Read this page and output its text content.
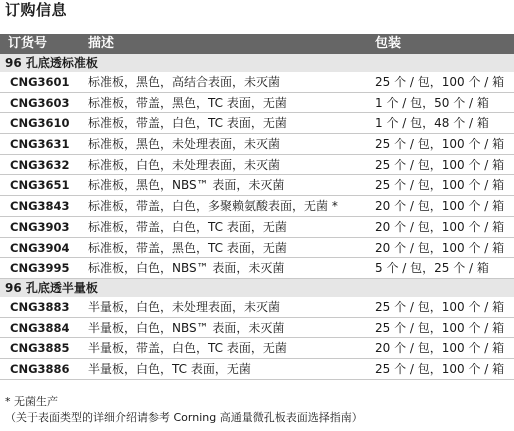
订购信息
订货号	描述	包装
96 孔底透标准板
CNG3601 标准板，黑色，高结合表面，未灭菌	25 个 / 包，100 个 / 箱
CNG3603 标准板，带盖，黑色，TC 表面，无菌	1 个 / 包，50 个 / 箱
CNG3610 标准板，带盖，白色，TC 表面，无菌	1 个 / 包，48 个 / 箱
CNG3631 标准板，黑色，未处理表面，未灭菌	25 个 / 包，100 个 / 箱
CNG3632 标准板，白色，未处理表面，未灭菌	25 个 / 包，100 个 / 箱
CNG3651 标准板，黑色，NBS™ 表面，未灭菌	25 个 / 包，100 个 / 箱
CNG3843 标准板，带盖，白色，多聚赖氨酸表面，无菌 *	20 个 / 包，100 个 / 箱
CNG3903 标准板，带盖，白色，TC 表面，无菌	20 个 / 包，100 个 / 箱
CNG3904 标准板，带盖，黑色，TC 表面，无菌	20 个 / 包，100 个 / 箱
CNG3995 标准板，白色，NBS™ 表面，未灭菌	5 个 / 包，25 个 / 箱
96 孔底透半量板
CNG3883 半量板，白色，未处理表面，未灭菌	25 个 / 包，100 个 / 箱
CNG3884 半量板，白色，NBS™ 表面，未灭菌	25 个 / 包，100 个 / 箱
CNG3885 半量板，带盖，白色，TC 表面，无菌	20 个 / 包，100 个 / 箱
CNG3886 半量板，白色，TC 表面，无菌	25 个 / 包，100 个 / 箱
* 无菌生产
（关于表面类型的详细介绍请参考 Corning 高通量微孔板表面选择指南）
